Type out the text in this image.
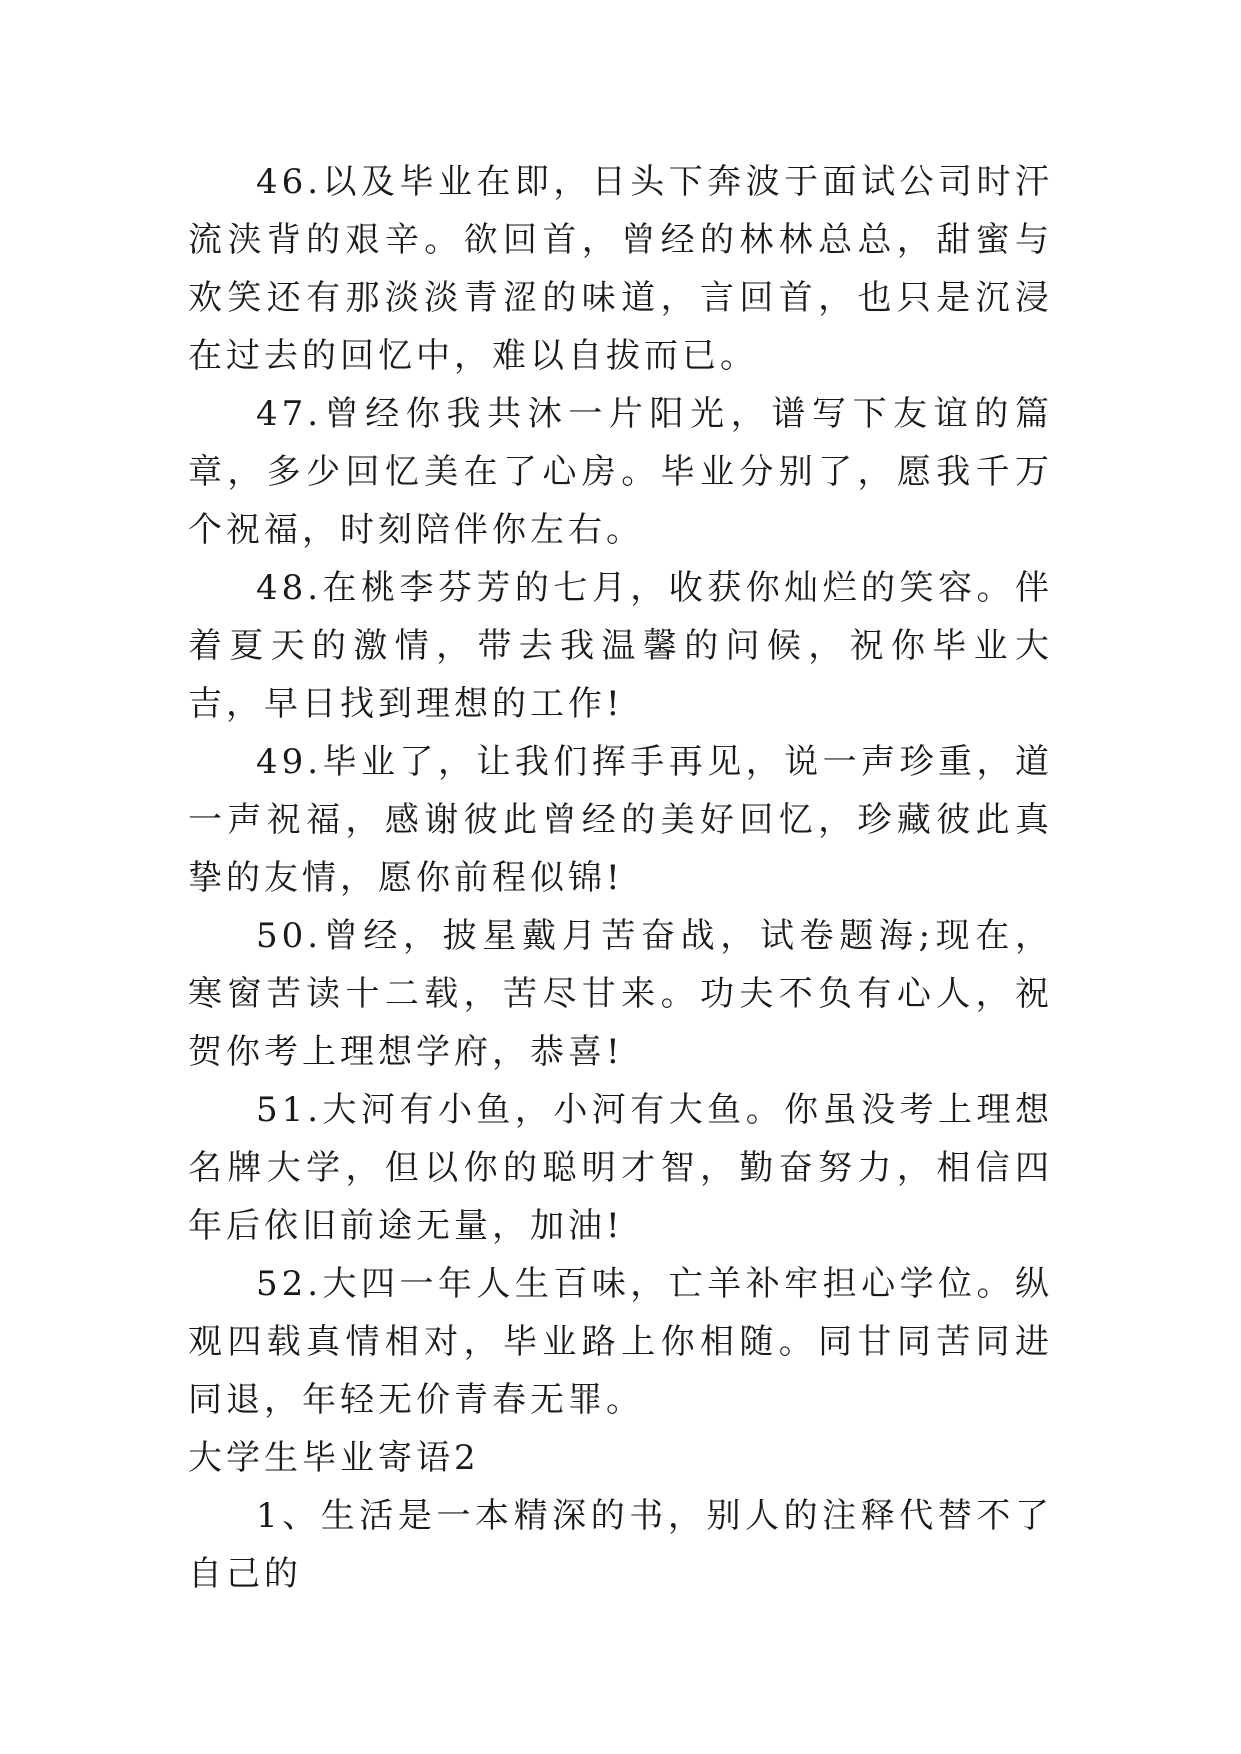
46.以及毕业在即，日头下奔波于面试公司时汗流浃背的艰辛。欲回首，曾经的林林总总，甜蜜与欢笑还有那淡淡青涩的味道，言回首，也只是沉浸在过去的回忆中，难以自拔而已。

47.曾经你我共沐一片阳光，谱写下友谊的篇章，多少回忆美在了心房。毕业分别了，愿我千万个祝福，时刻陪伴你左右。

48.在桃李芬芳的七月，收获你灿烂的笑容。伴着夏天的激情，带去我温馨的问候，祝你毕业大吉，早日找到理想的工作!

49.毕业了，让我们挥手再见，说一声珍重，道一声祝福，感谢彼此曾经的美好回忆，珍藏彼此真挚的友情，愿你前程似锦!

50.曾经，披星戴月苦奋战，试卷题海;现在，寒窗苦读十二载，苦尽甘来。功夫不负有心人，祝贺你考上理想学府，恭喜!

51.大河有小鱼，小河有大鱼。你虽没考上理想名牌大学，但以你的聪明才智，勤奋努力，相信四年后依旧前途无量，加油!

52.大四一年人生百味，亡羊补牢担心学位。纵观四载真情相对，毕业路上你相随。同甘同苦同进同退，年轻无价青春无罪。

大学生毕业寄语2

1、生活是一本精深的书，别人的注释代替不了自己的
